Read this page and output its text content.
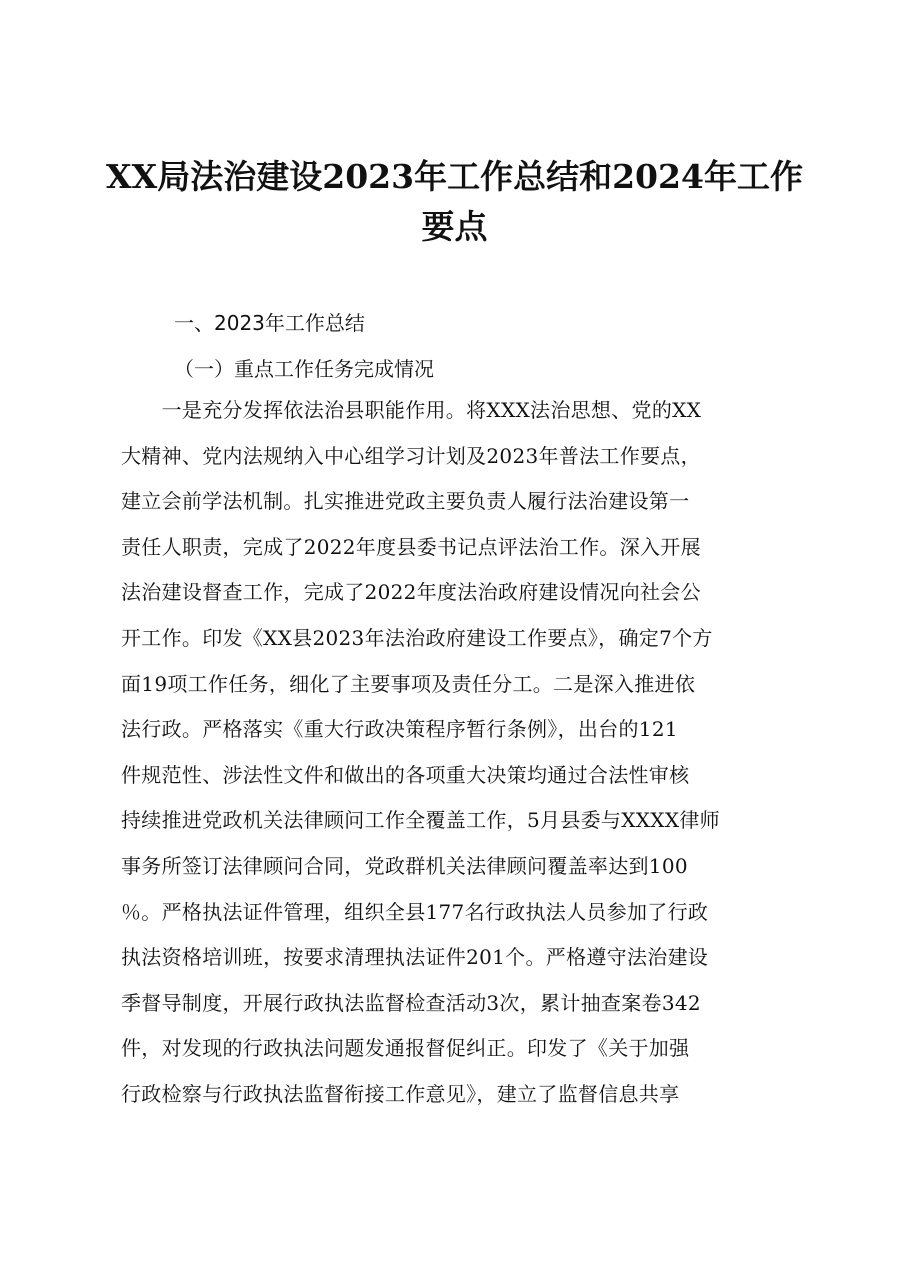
XX局法治建设2023年工作总结和2024年工作要点

一、2023年工作总结

（一）重点工作任务完成情况

　　一是充分发挥依法治县职能作用。将XXX法治思想、党的XX
大精神、党内法规纳入中心组学习计划及2023年普法工作要点，
建立会前学法机制。扎实推进党政主要负责人履行法治建设第一
责任人职责，完成了2022年度县委书记点评法治工作。深入开展
法治建设督查工作，完成了2022年度法治政府建设情况向社会公
开工作。印发《XX县2023年法治政府建设工作要点》，确定7个方
面19项工作任务，细化了主要事项及责任分工。二是深入推进依
法行政。严格落实《重大行政决策程序暂行条例》，出台的121
件规范性、涉法性文件和做出的各项重大决策均通过合法性审核
持续推进党政机关法律顾问工作全覆盖工作，5月县委与XXXX律师
事务所签订法律顾问合同，党政群机关法律顾问覆盖率达到100
％。严格执法证件管理，组织全县177名行政执法人员参加了行政
执法资格培训班，按要求清理执法证件201个。严格遵守法治建设
季督导制度，开展行政执法监督检查活动3次，累计抽查案卷342
件，对发现的行政执法问题发通报督促纠正。印发了《关于加强
行政检察与行政执法监督衔接工作意见》，建立了监督信息共享
